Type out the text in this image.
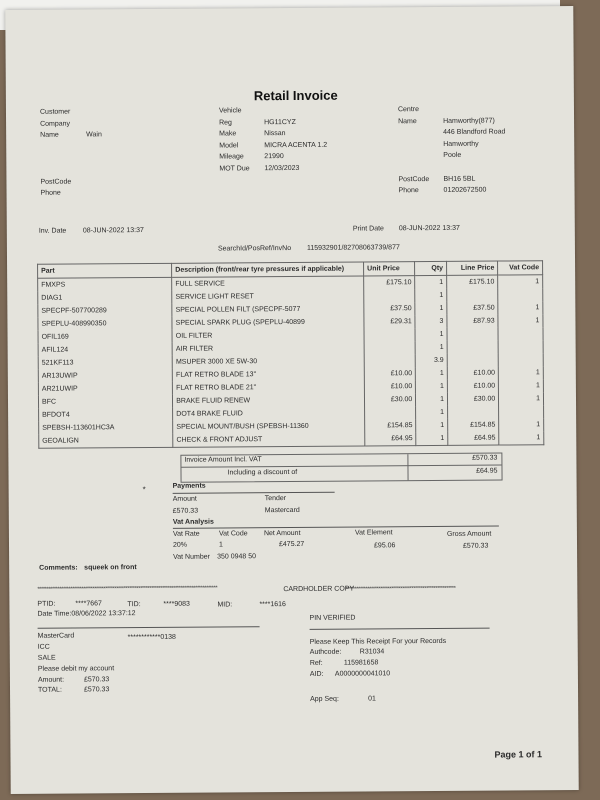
Retail Invoice
Customer
Company
Name	Wain
PostCode
Phone
Vehicle
Reg	HG11CYZ
Make	Nissan
Model	MICRA ACENTA 1.2
Mileage	21990
MOT Due 12/03/2023
Centre
Name	Hamworthy(877)
446 Blandford Road
Hamworthy
Poole
PostCode BH16 5BL
Phone	01202672500
Inv. Date 08-JUN-2022 13:37	Print Date 08-JUN-2022 13:37
SearchId/PosRef/InvNo 115932901/82708063739/877
Part	Description (front/rear tyre pressures if applicable)	Unit Price	Qty	Line Price	Vat Code
FMXPS	FULL SERVICE	£175.10	1	£175.10	1
DIAG1	SERVICE LIGHT RESET		1		
SPECPF-507700289	SPECIAL POLLEN FILT (SPECPF-5077	£37.50	1	£37.50	1
SPEPLU-408990350	SPECIAL SPARK PLUG (SPEPLU-40899	£29.31	3	£87.93	1
OFIL169	OIL FILTER		1		
AFIL124	AIR FILTER		1		
521KF113	MSUPER 3000 XE 5W-30		3.9		
AR13UWIP	FLAT RETRO BLADE 13"	£10.00	1	£10.00	1
AR21UWIP	FLAT RETRO BLADE 21"	£10.00	1	£10.00	1
BFC	BRAKE FLUID RENEW	£30.00	1	£30.00	1
BFDOT4	DOT4 BRAKE FLUID		1		
SPEBSH-113601HC3A	SPECIAL MOUNT/BUSH (SPEBSH-11360	£154.85	1	£154.85	1
GEOALIGN	CHECK & FRONT ADJUST	£64.95	1	£64.95	1
Invoice Amount Incl. VAT	£570.33
Including a discount of	£64.95
*	Payments
Amount	Tender
£570.33	Mastercard
Vat Analysis
Vat Rate	Vat Code Net Amount	Vat Element	Gross Amount
20%	1	£475.27	£95.06	£570.33
Vat Number 350 0948 50
Comments: squeek on front
**************************************************************************************************	CARDHOLDER COPY
************************************************************
PTID:	****7667	TID:	****9083	MID:	****1616
Date Time:08/06/2022 13:37:12
PIN VERIFIED
MasterCard	************0138
ICC
SALE
Please debit my account
Amount:	£570.33
TOTAL:	£570.33
Please Keep This Receipt For your Records
Authcode:	R31034
Ref:	115981658
AID: A0000000041010
App Seq:	01
Page 1 of 1
